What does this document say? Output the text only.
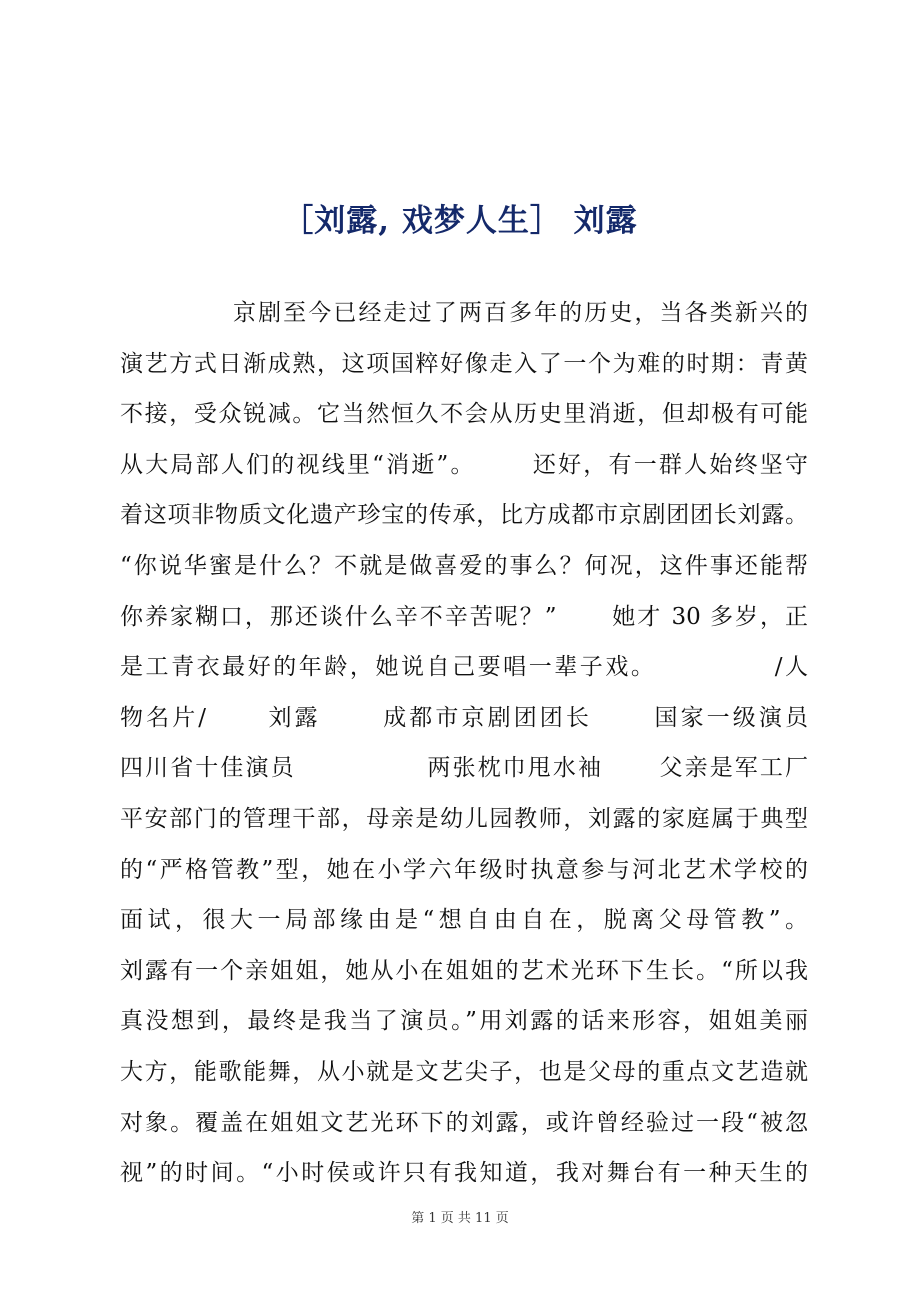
［刘露, 戏梦人生］ 刘露
京剧至今已经走过了两百多年的历史，当各类新兴的
演艺方式日渐成熟，这项国粹好像走入了一个为难的时期：青黄
不接，受众锐减。它当然恒久不会从历史里消逝，但却极有可能
从大局部人们的视线里“消逝”。      还好，有一群人始终坚守
着这项非物质文化遗产珍宝的传承，比方成都市京剧团团长刘露。
“你说华蜜是什么？不就是做喜爱的事么？何况，这件事还能帮
你养家糊口，那还谈什么辛不辛苦呢？”      她才 30 多岁，正
是工青衣最好的年龄，她说自己要唱一辈子戏。            /人
物名片/      刘露      成都市京剧团团长      国家一级演员
四川省十佳演员              两张枕巾甩水袖      父亲是军工厂
平安部门的管理干部，母亲是幼儿园教师，刘露的家庭属于典型
的“严格管教”型，她在小学六年级时执意参与河北艺术学校的
面试，很大一局部缘由是“想自由自在，脱离父母管教”。
刘露有一个亲姐姐，她从小在姐姐的艺术光环下生长。“所以我
真没想到，最终是我当了演员。”用刘露的话来形容，姐姐美丽
大方，能歌能舞，从小就是文艺尖子，也是父母的重点文艺造就
对象。覆盖在姐姐文艺光环下的刘露，或许曾经验过一段“被忽
视”的时间。“小时侯或许只有我知道，我对舞台有一种天生的
第 1 页 共 11 页
